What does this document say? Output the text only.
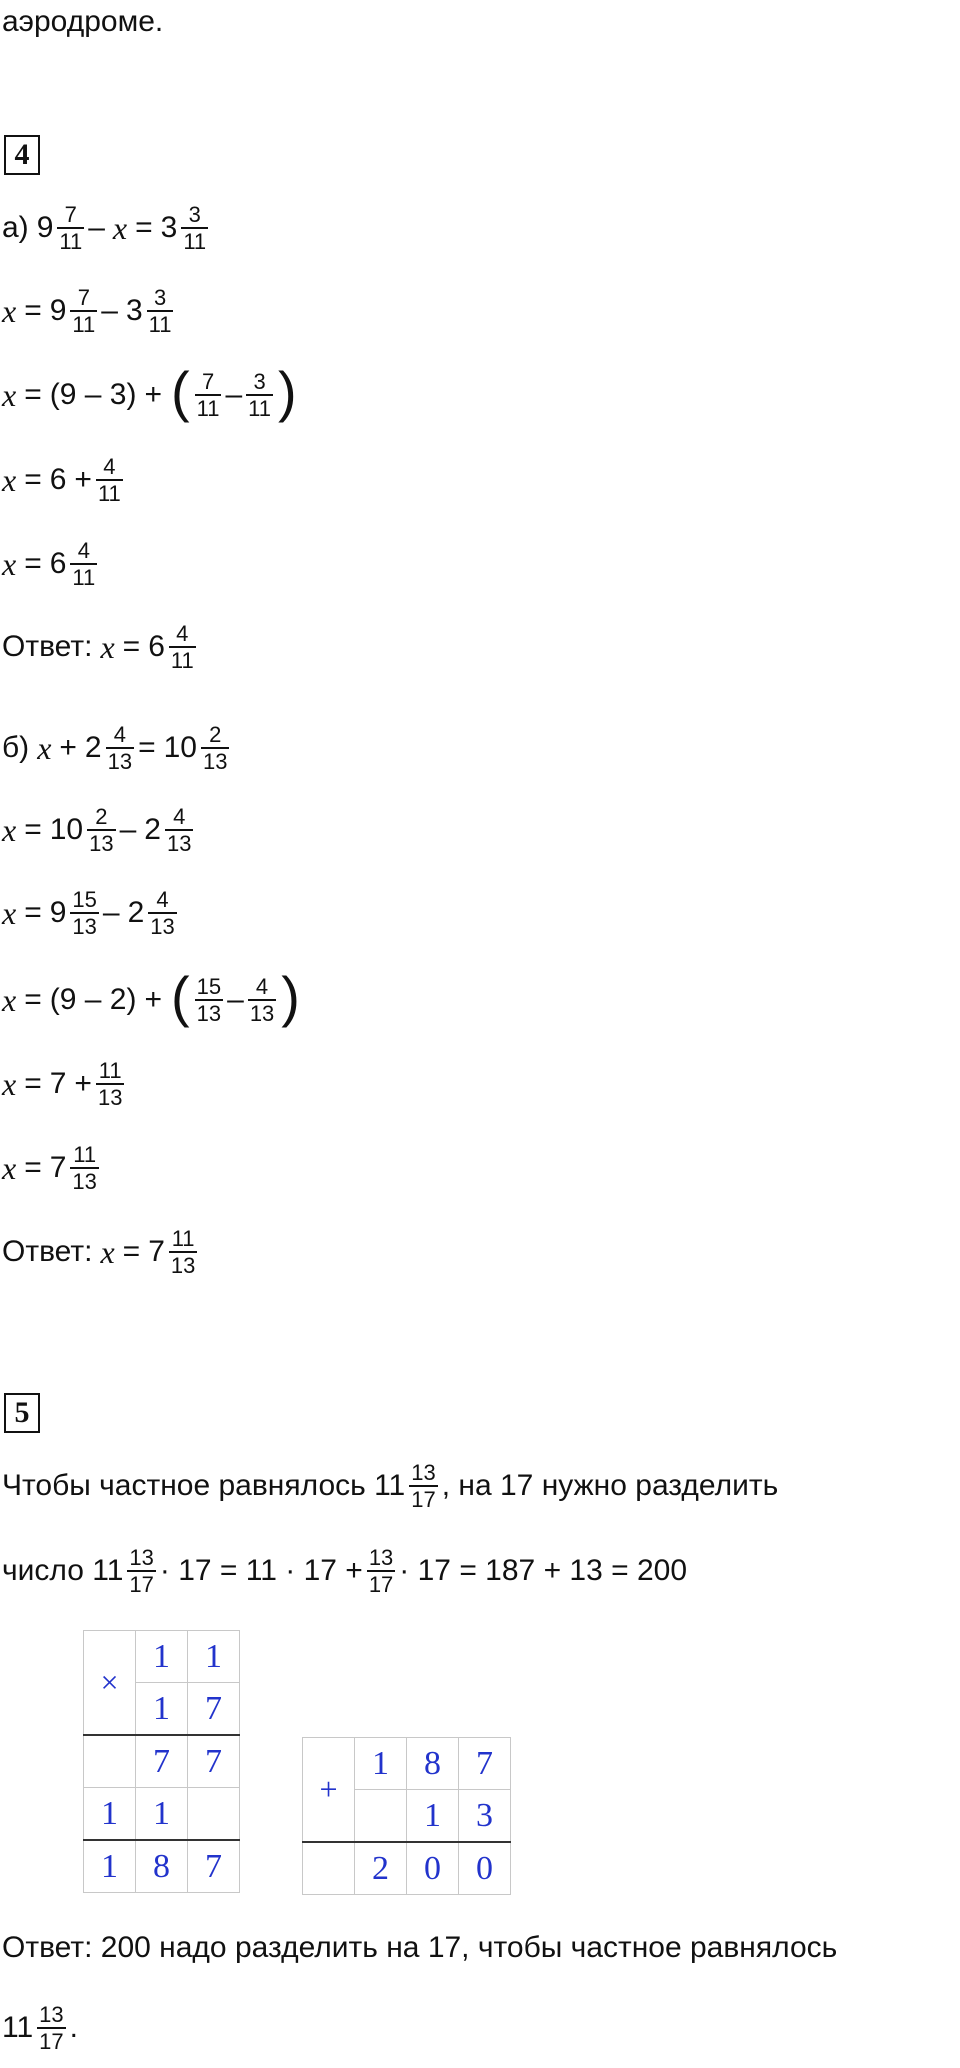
аэродроме.
4
а) $9 \frac{7}{11} - x = 3 \frac{3}{11}$
$x = 9 \frac{7}{11} - 3 \frac{3}{11}$
x = (9 – 3) + ( $\frac{7}{11} - \frac{3}{11}$ )
$x = 6 + \frac{4}{11}$
$x = 6 \frac{4}{11}$
Ответ: $x = 6 \frac{4}{11}$
б) $x + 2 \frac{4}{13} = 10 \frac{2}{13}$
$x = 10 \frac{2}{13} - 2 \frac{4}{13}$
$x = 9 \frac{15}{13} - 2 \frac{4}{13}$
x = (9 – 2) + ( $\frac{15}{13} - \frac{4}{13}$ )
$x = 7 + \frac{11}{13}$
$x = 7 \frac{11}{13}$
Ответ: $x = 7 \frac{11}{13}$
5
Чтобы частное равнялось $11 \frac{13}{17}$ , на 17 нужно разделить
число $11 \frac{13}{17} \cdot 17 = 11 \cdot 17 + \frac{13}{17} \cdot 17 = 187 + 13 = 200$
×	1	1
	1	7
	7	7
1	1	
1	8	7
+	1	8	7
		1	3
	2	0	0
Ответ: 200 надо разделить на 17, чтобы частное равнялось
$11 \frac{13}{17}$ .
